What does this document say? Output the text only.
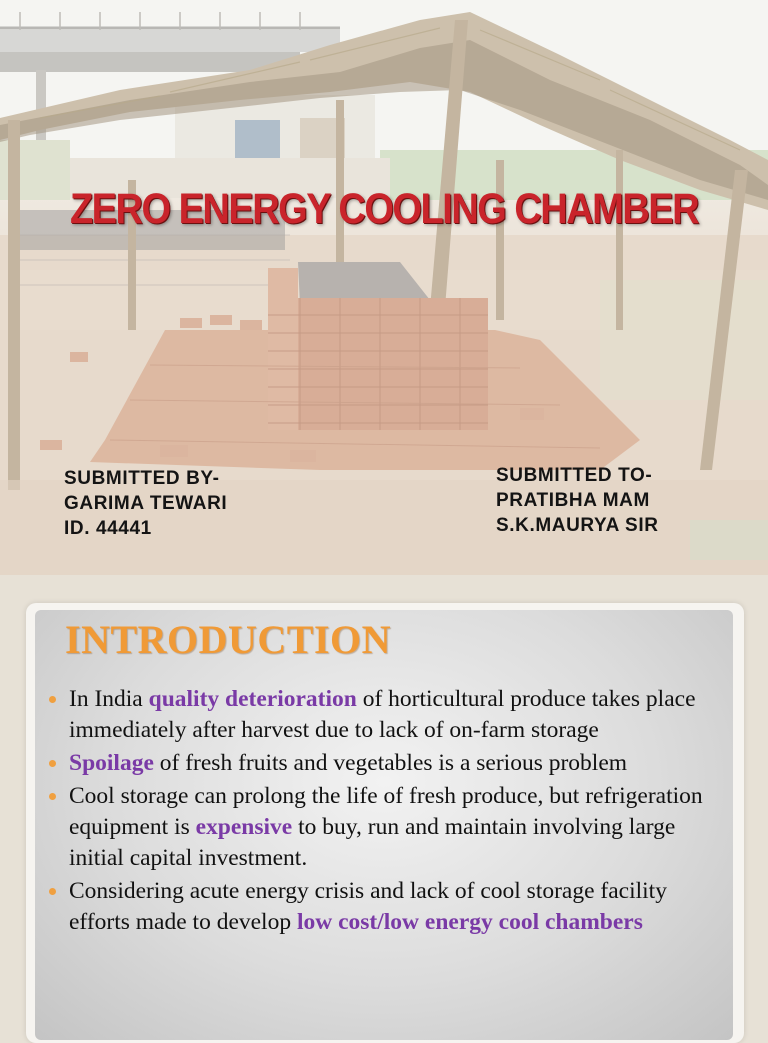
ZERO ENERGY COOLING CHAMBER
SUBMITTED BY-
GARIMA TEWARI
ID. 44441
SUBMITTED TO-
PRATIBHA MAM
S.K.MAURYA SIR
INTRODUCTION
In India quality deterioration of horticultural produce takes place immediately after harvest due to lack of on-farm storage
Spoilage of fresh fruits and vegetables is a serious problem
Cool storage can prolong the life of fresh produce, but refrigeration equipment is expensive to buy, run and maintain involving large initial capital investment.
Considering acute energy crisis and lack of cool storage facility efforts made to develop low cost/low energy cool chambers
